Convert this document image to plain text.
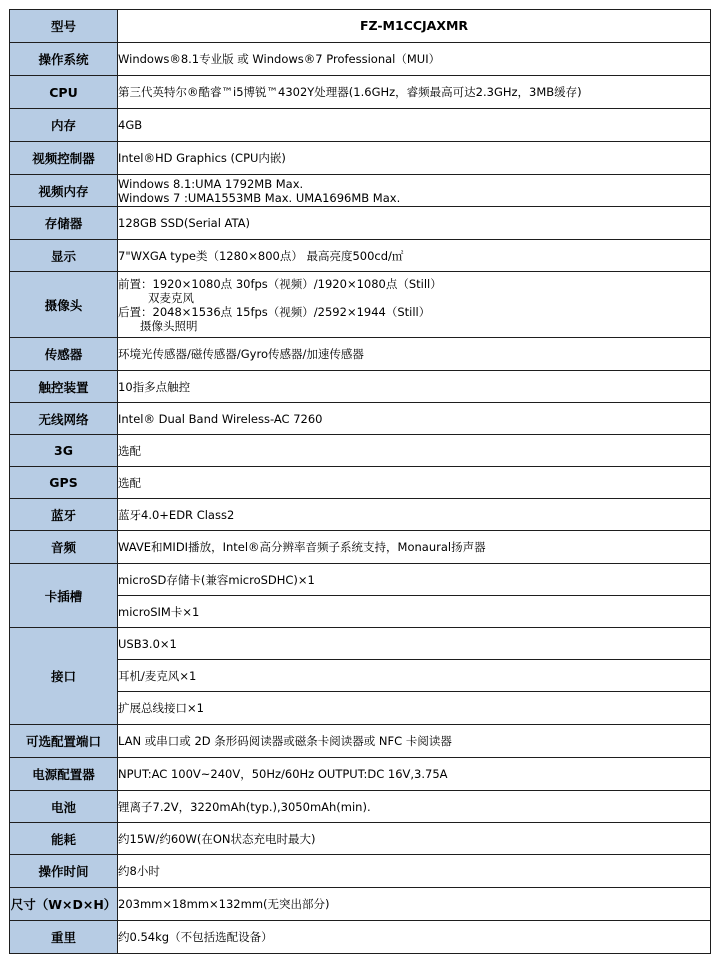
型号	FZ-M1CCJAXMR
操作系统	Windows®8.1专业版 或 Windows®7 Professional（MUI）
CPU	第三代英特尔®酷睿™i5博锐™4302Y处理器(1.6GHz，睿频最高可达2.3GHz，3MB缓存)
内存	4GB
视频控制器	Intel®HD Graphics (CPU内嵌)
视频内存	Windows 8.1:UMA 1792MB Max.
Windows 7 :UMA1553MB Max. UMA1696MB Max.

存储器	128GB SSD(Serial ATA)
显示	7"WXGA type类（1280×800点） 最高亮度500cd/㎡
摄像头	前置：1920×1080点 30fps（视频）/1920×1080点（Still）
双麦克风
后置：2048×1536点 15fps（视频）/2592×1944（Still）
摄像头照明

传感器	环境光传感器/磁传感器/Gyro传感器/加速传感器
触控装置	10指多点触控
无线网络	Intel® Dual Band Wireless-AC 7260
3G	选配
GPS	选配
蓝牙	蓝牙4.0+EDR Class2
音频	WAVE和MIDI播放，Intel®高分辨率音频子系统支持，Monaural扬声器
卡插槽	microSD存储卡(兼容microSDHC)×1
	microSIM卡×1
接口	USB3.0×1
	耳机/麦克风×1
	扩展总线接口×1
可选配置端口	LAN 或串口或 2D 条形码阅读器或磁条卡阅读器或 NFC 卡阅读器
电源配置器	NPUT:AC 100V~240V，50Hz/60Hz OUTPUT:DC 16V,3.75A
电池	锂离子7.2V，3220mAh(typ.),3050mAh(min).
能耗	约15W/约60W(在ON状态充电时最大)
操作时间	约8小时
尺寸（W×D×H）	203mm×18mm×132mm(无突出部分)
重里	约0.54kg（不包括选配设备）
